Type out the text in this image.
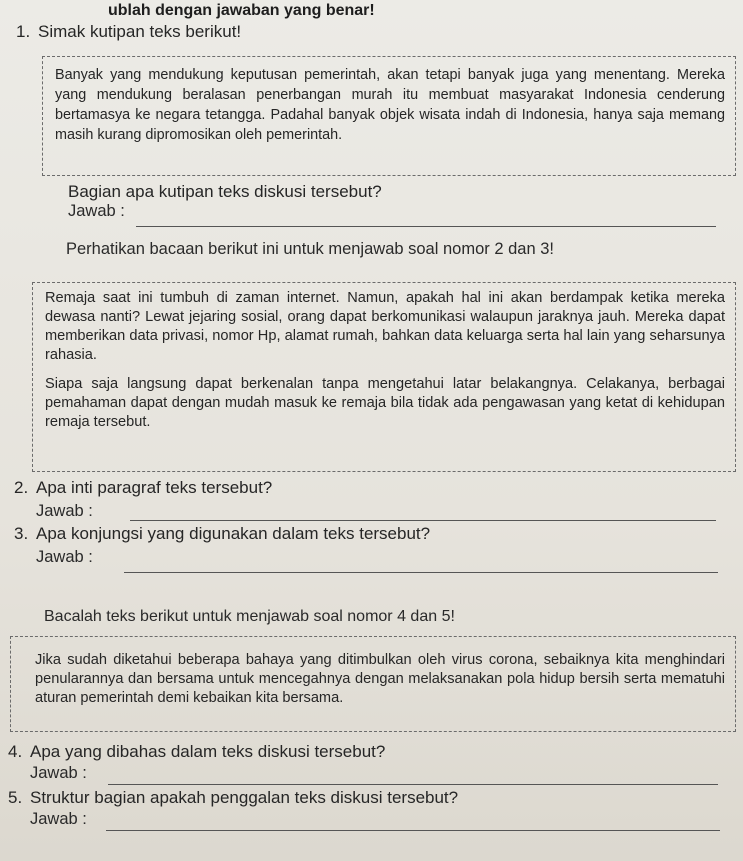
ublah dengan jawaban yang benar!
1. Simak kutipan teks berikut!

Banyak yang mendukung keputusan pemerintah, akan tetapi banyak juga yang menentang. Mereka yang mendukung beralasan penerbangan murah itu membuat masyarakat Indonesia cenderung bertamasya ke negara tetangga. Padahal banyak objek wisata indah di Indonesia, hanya saja memang masih kurang dipromosikan oleh pemerintah.

Bagian apa kutipan teks diskusi tersebut?
Jawab :
Perhatikan bacaan berikut ini untuk menjawab soal nomor 2 dan 3!

Remaja saat ini tumbuh di zaman internet. Namun, apakah hal ini akan berdampak ketika mereka dewasa nanti? Lewat jejaring sosial, orang dapat berkomunikasi walaupun jaraknya jauh. Mereka dapat memberikan data privasi, nomor Hp, alamat rumah, bahkan data keluarga serta hal lain yang seharsunya rahasia.

Siapa saja langsung dapat berkenalan tanpa mengetahui latar belakangnya. Celakanya, berbagai pemahaman dapat dengan mudah masuk ke remaja bila tidak ada pengawasan yang ketat di kehidupan remaja tersebut.

2. Apa inti paragraf teks tersebut?
Jawab :
3. Apa konjungsi yang digunakan dalam teks tersebut?
Jawab :
Bacalah teks berikut untuk menjawab soal nomor 4 dan 5!

Jika sudah diketahui beberapa bahaya yang ditimbulkan oleh virus corona, sebaiknya kita menghindari penularannya dan bersama untuk mencegahnya dengan melaksanakan pola hidup bersih serta mematuhi aturan pemerintah demi kebaikan kita bersama.

4. Apa yang dibahas dalam teks diskusi tersebut?
Jawab :
5. Struktur bagian apakah penggalan teks diskusi tersebut?
Jawab :
